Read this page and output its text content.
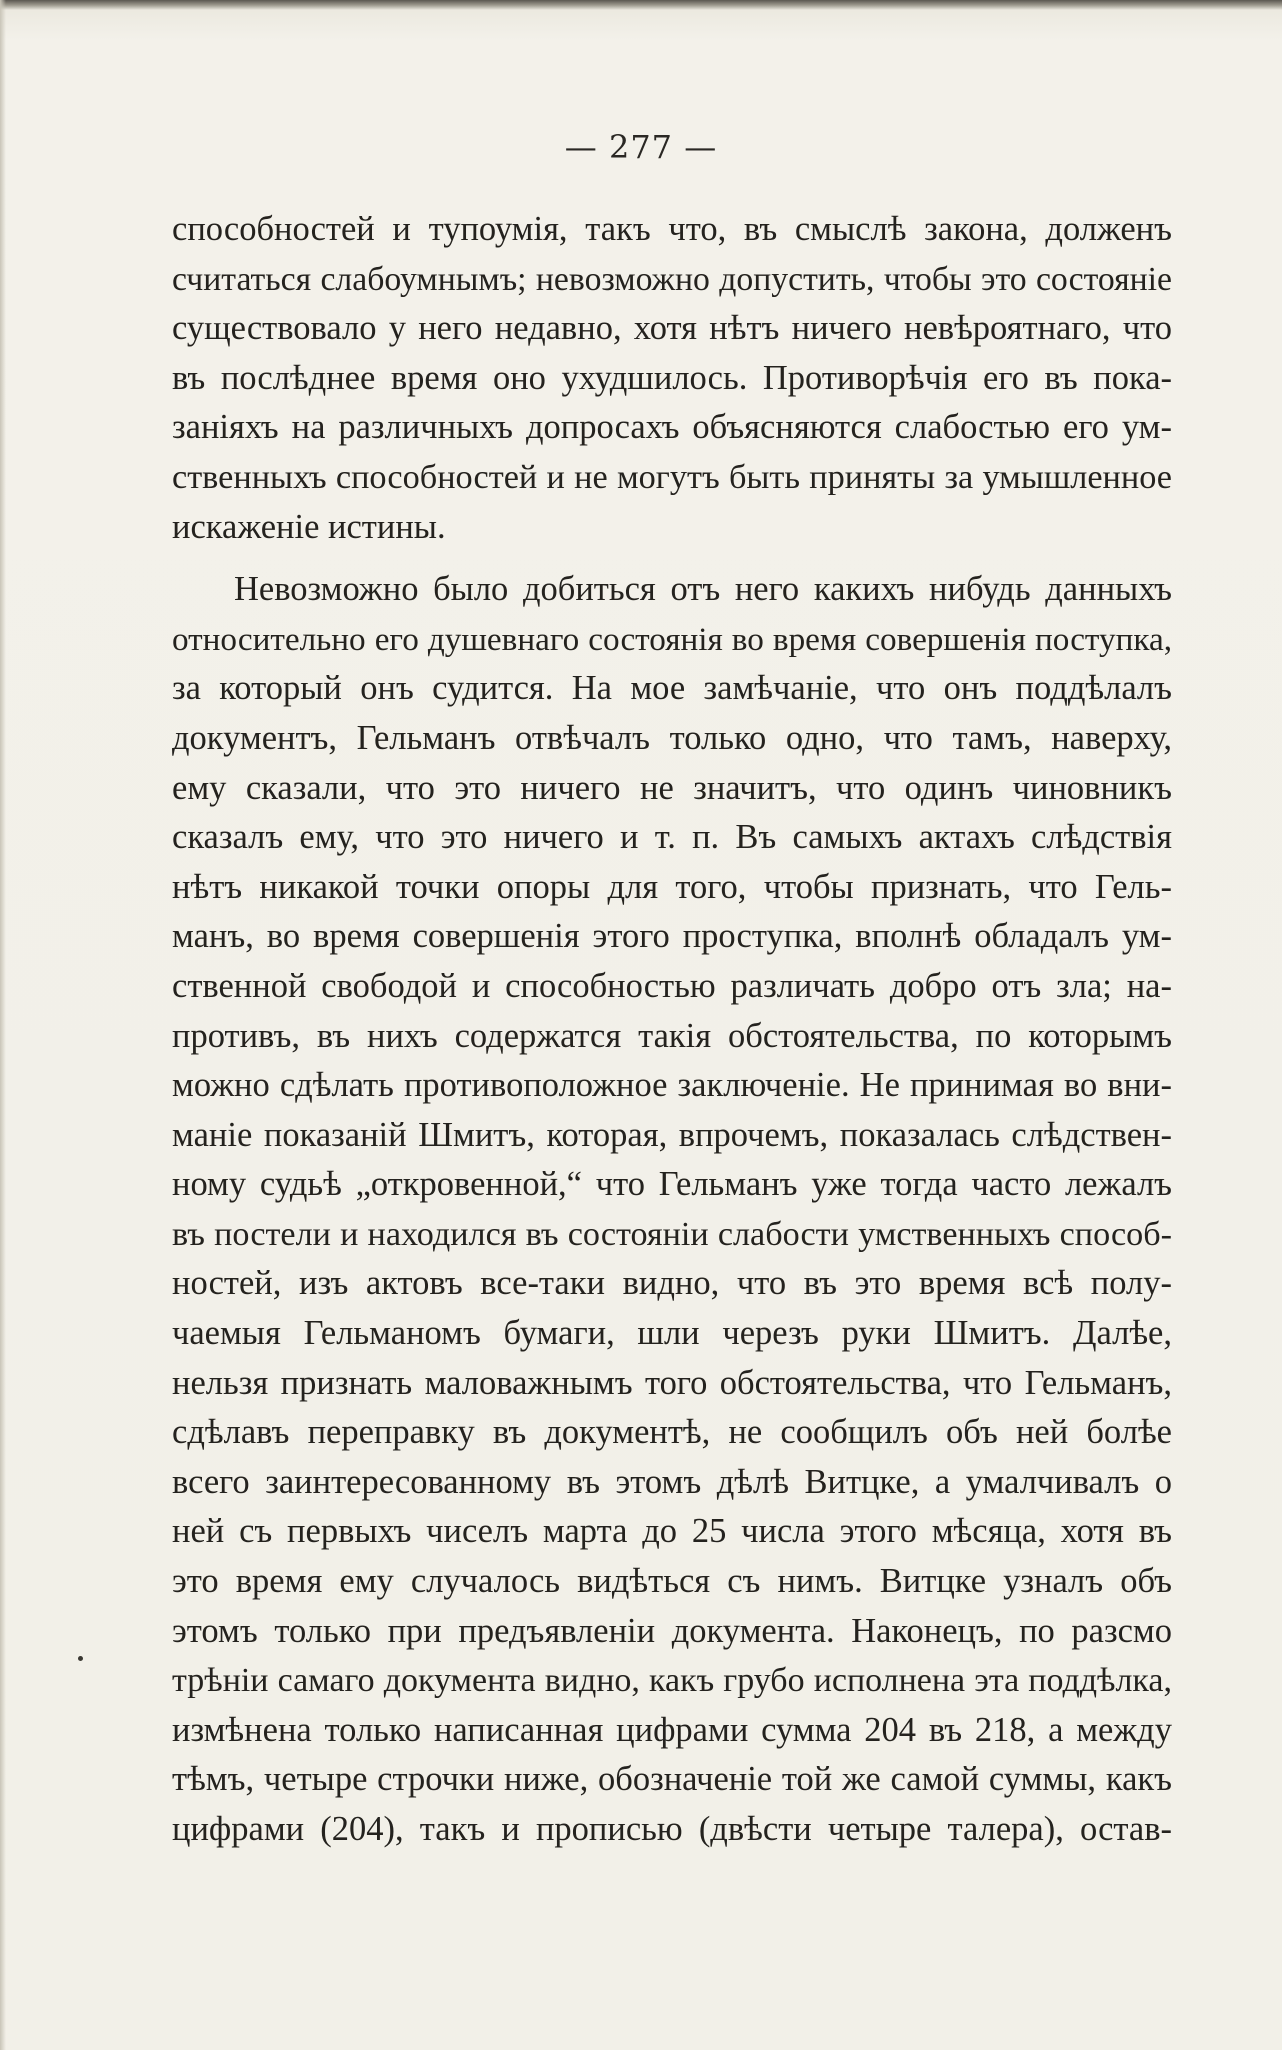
— 277 —
способностей и тупоумія, такъ что, въ смыслѣ закона, долженъ
считаться слабоумнымъ; невозможно допустить, чтобы это состояніе
существовало у него недавно, хотя нѣтъ ничего невѣроятнаго, что
въ послѣднее время оно ухудшилось. Противорѣчія его въ пока-
заніяхъ на различныхъ допросахъ объясняются слабостью его ум-
ственныхъ способностей и не могутъ быть приняты за умышленное
искаженіе истины.
Невозможно было добиться отъ него какихъ нибудь данныхъ
относительно его душевнаго состоянія во время совершенія поступка,
за который онъ судится. На мое замѣчаніе, что онъ поддѣлалъ
документъ, Гельманъ отвѣчалъ только одно, что тамъ, наверху,
ему сказали, что это ничего не значитъ, что одинъ чиновникъ
сказалъ ему, что это ничего и т. п. Въ самыхъ актахъ слѣдствія
нѣтъ никакой точки опоры для того, чтобы признать, что Гель-
манъ, во время совершенія этого проступка, вполнѣ обладалъ ум-
ственной свободой и способностью различать добро отъ зла; на-
противъ, въ нихъ содержатся такія обстоятельства, по которымъ
можно сдѣлать противоположное заключеніе. Не принимая во вни-
маніе показаній Шмитъ, которая, впрочемъ, показалась слѣдствен-
ному судьѣ „откровенной,“ что Гельманъ уже тогда часто лежалъ
въ постели и находился въ состояніи слабости умственныхъ способ-
ностей, изъ актовъ все-таки видно, что въ это время всѣ полу-
чаемыя Гельманомъ бумаги, шли черезъ руки Шмитъ. Далѣе,
нельзя признать маловажнымъ того обстоятельства, что Гельманъ,
сдѣлавъ переправку въ документѣ, не сообщилъ объ ней болѣе
всего заинтересованному въ этомъ дѣлѣ Витцке, а умалчивалъ о
ней съ первыхъ чиселъ марта до 25 числа этого мѣсяца, хотя въ
это время ему случалось видѣться съ нимъ. Витцке узналъ объ
этомъ только при предъявленіи документа. Наконецъ, по разсмо
трѣніи самаго документа видно, какъ грубо исполнена эта поддѣлка,
измѣнена только написанная цифрами сумма 204 въ 218, а между
тѣмъ, четыре строчки ниже, обозначеніе той же самой суммы, какъ
цифрами (204), такъ и прописью (двѣсти четыре талера), остав-
